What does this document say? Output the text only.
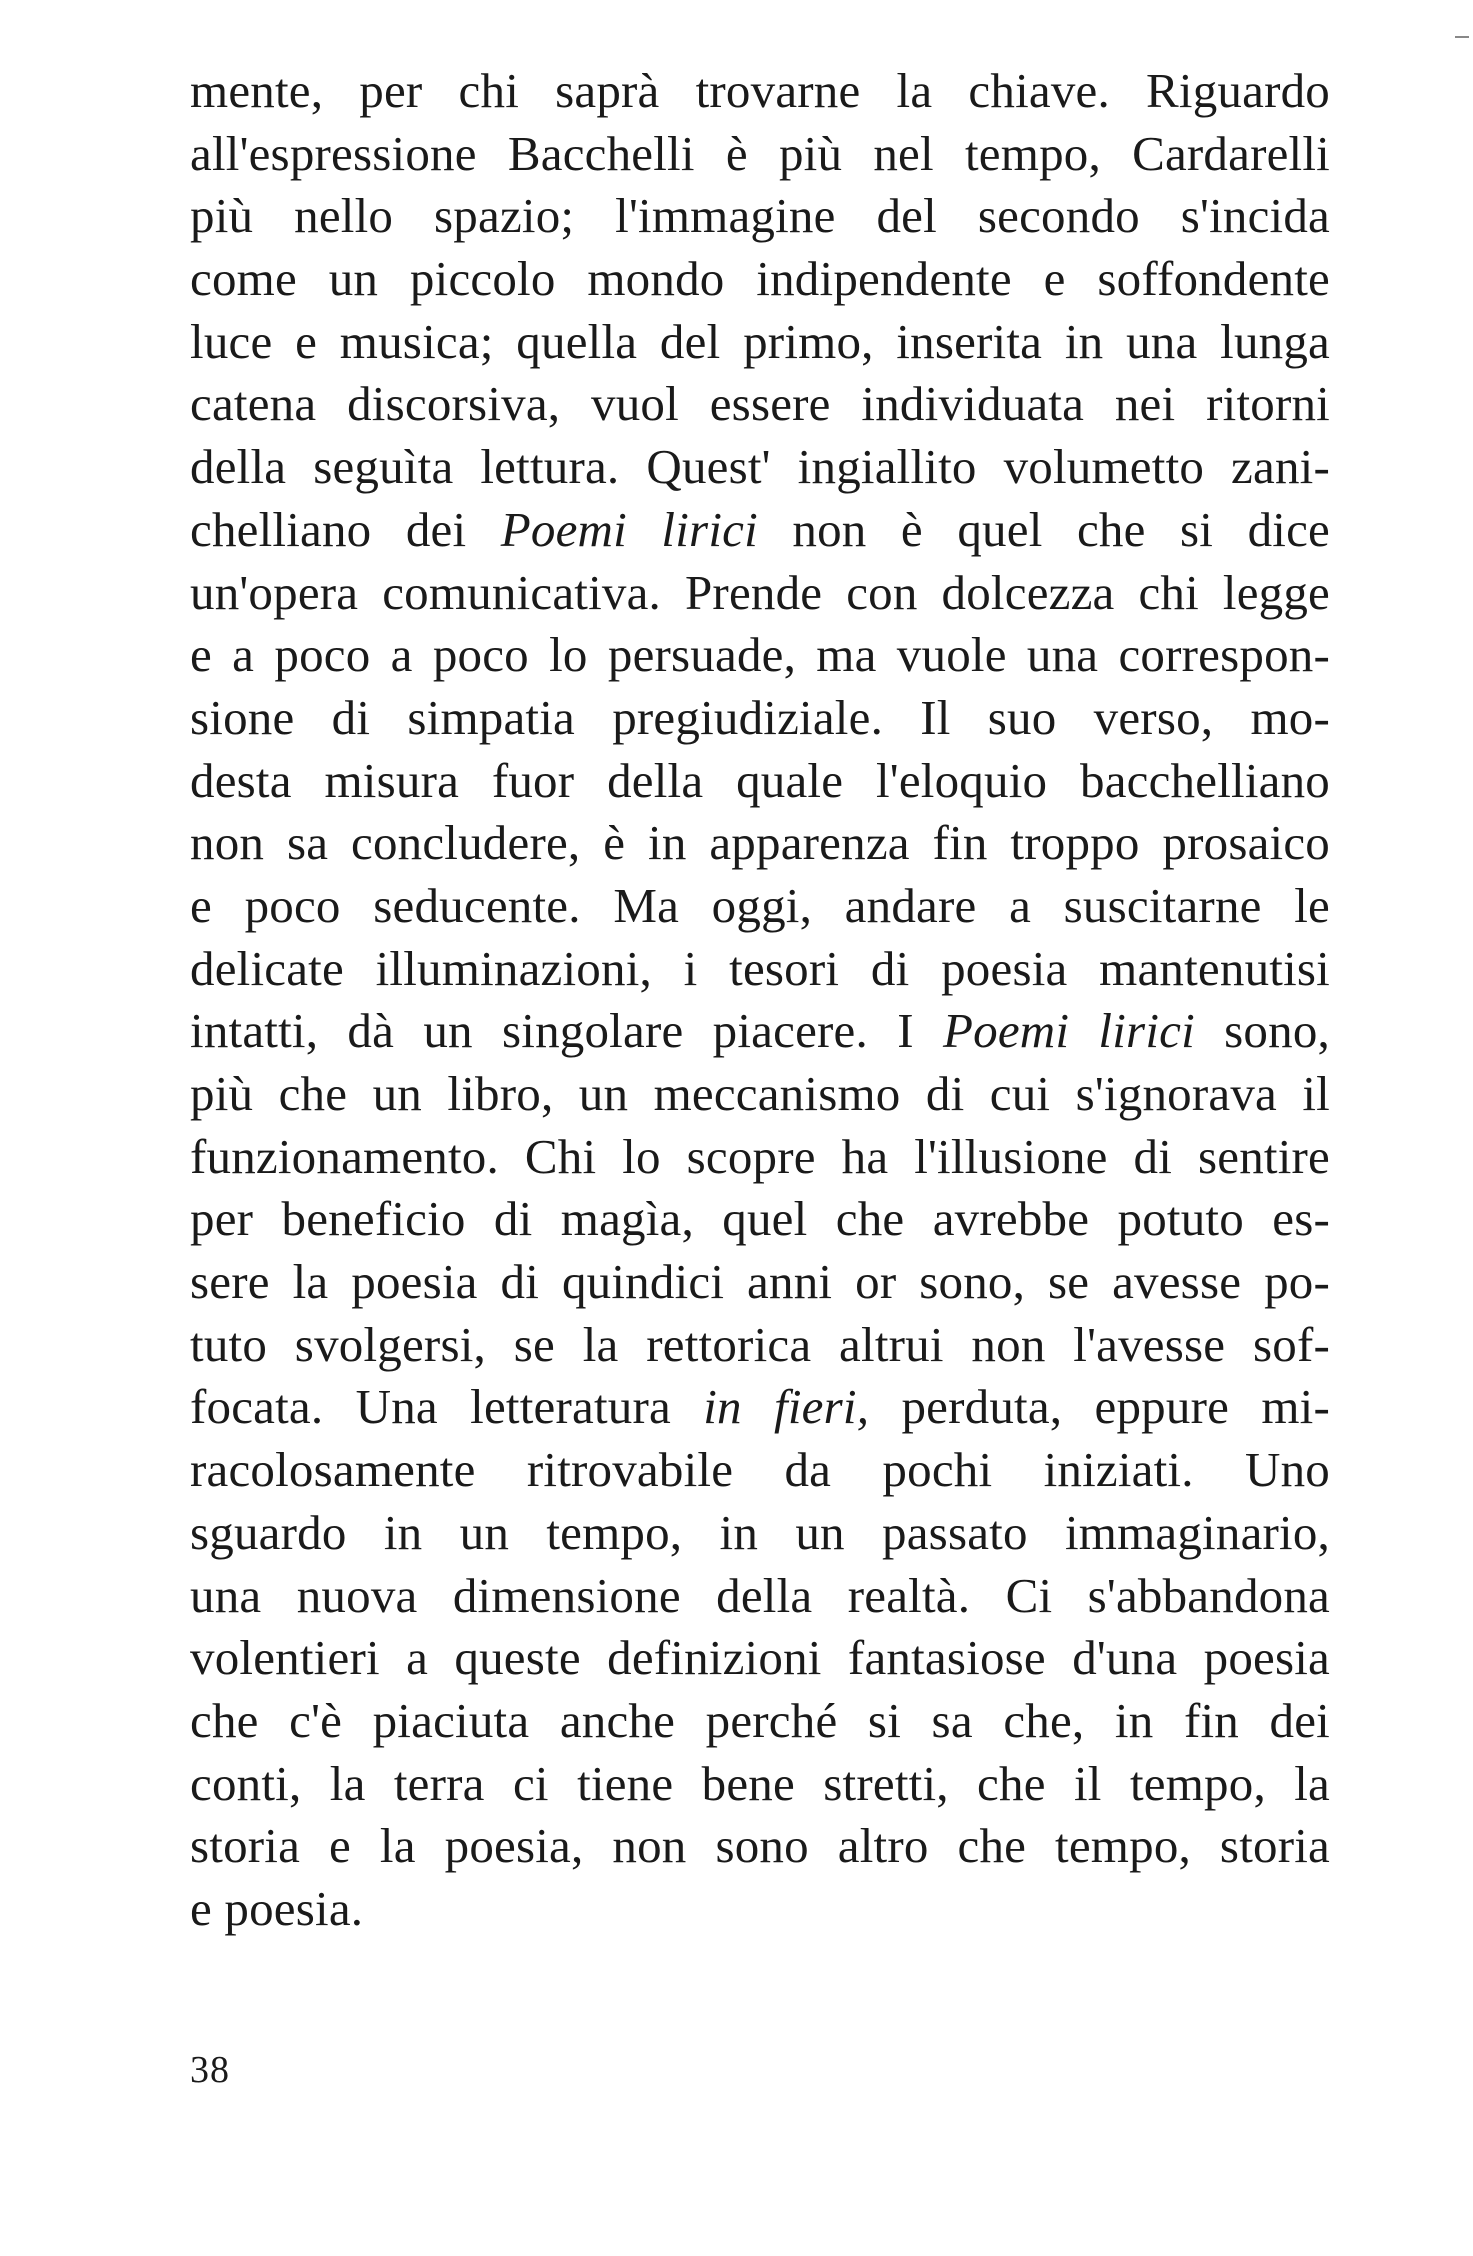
mente, per chi saprà trovarne la chiave. Riguardo
all'espressione Bacchelli è più nel tempo, Cardarelli
più nello spazio; l'immagine del secondo s'incida
come un piccolo mondo indipendente e soffondente
luce e musica; quella del primo, inserita in una lunga
catena discorsiva, vuol essere individuata nei ritorni
della seguìta lettura. Quest' ingiallito volumetto zani-
chelliano dei Poemi lirici non è quel che si dice
un'opera comunicativa. Prende con dolcezza chi legge
e a poco a poco lo persuade, ma vuole una correspon-
sione di simpatia pregiudiziale. Il suo verso, mo-
desta misura fuor della quale l'eloquio bacchelliano
non sa concludere, è in apparenza fin troppo prosaico
e poco seducente. Ma oggi, andare a suscitarne le
delicate illuminazioni, i tesori di poesia mantenutisi
intatti, dà un singolare piacere. I Poemi lirici sono,
più che un libro, un meccanismo di cui s'ignorava il
funzionamento. Chi lo scopre ha l'illusione di sentire
per beneficio di magìa, quel che avrebbe potuto es-
sere la poesia di quindici anni or sono, se avesse po-
tuto svolgersi, se la rettorica altrui non l'avesse sof-
focata. Una letteratura in fieri, perduta, eppure mi-
racolosamente ritrovabile da pochi iniziati. Uno
sguardo in un tempo, in un passato immaginario,
una nuova dimensione della realtà. Ci s'abbandona
volentieri a queste definizioni fantasiose d'una poesia
che c'è piaciuta anche perché si sa che, in fin dei
conti, la terra ci tiene bene stretti, che il tempo, la
storia e la poesia, non sono altro che tempo, storia
e poesia.
38
